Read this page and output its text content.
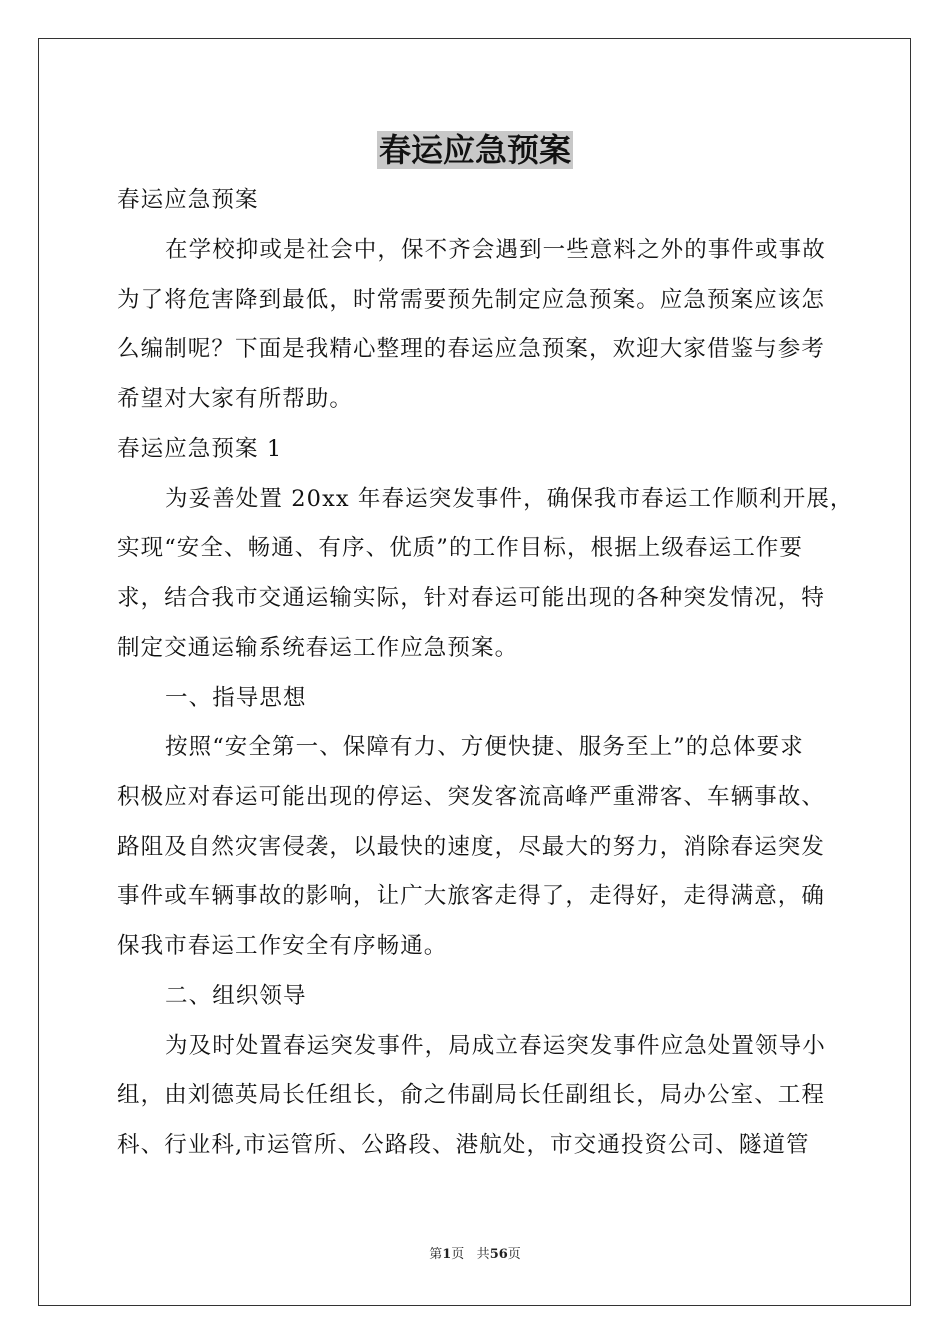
春运应急预案
春运应急预案
在学校抑或是社会中，保不齐会遇到一些意料之外的事件或事故
为了将危害降到最低，时常需要预先制定应急预案。应急预案应该怎
么编制呢？下面是我精心整理的春运应急预案，欢迎大家借鉴与参考
希望对大家有所帮助。
春运应急预案 1
为妥善处置 20xx 年春运突发事件，确保我市春运工作顺利开展，
实现“安全、畅通、有序、优质”的工作目标，根据上级春运工作要
求，结合我市交通运输实际，针对春运可能出现的各种突发情况，特
制定交通运输系统春运工作应急预案。
一、指导思想
按照“安全第一、保障有力、方便快捷、服务至上”的总体要求
积极应对春运可能出现的停运、突发客流高峰严重滞客、车辆事故、
路阻及自然灾害侵袭，以最快的速度，尽最大的努力，消除春运突发
事件或车辆事故的影响，让广大旅客走得了，走得好，走得满意，确
保我市春运工作安全有序畅通。
二、组织领导
为及时处置春运突发事件，局成立春运突发事件应急处置领导小
组，由刘德英局长任组长，俞之伟副局长任副组长，局办公室、工程
科、行业科,市运管所、公路段、港航处，市交通投资公司、隧道管
第1页 共56页
